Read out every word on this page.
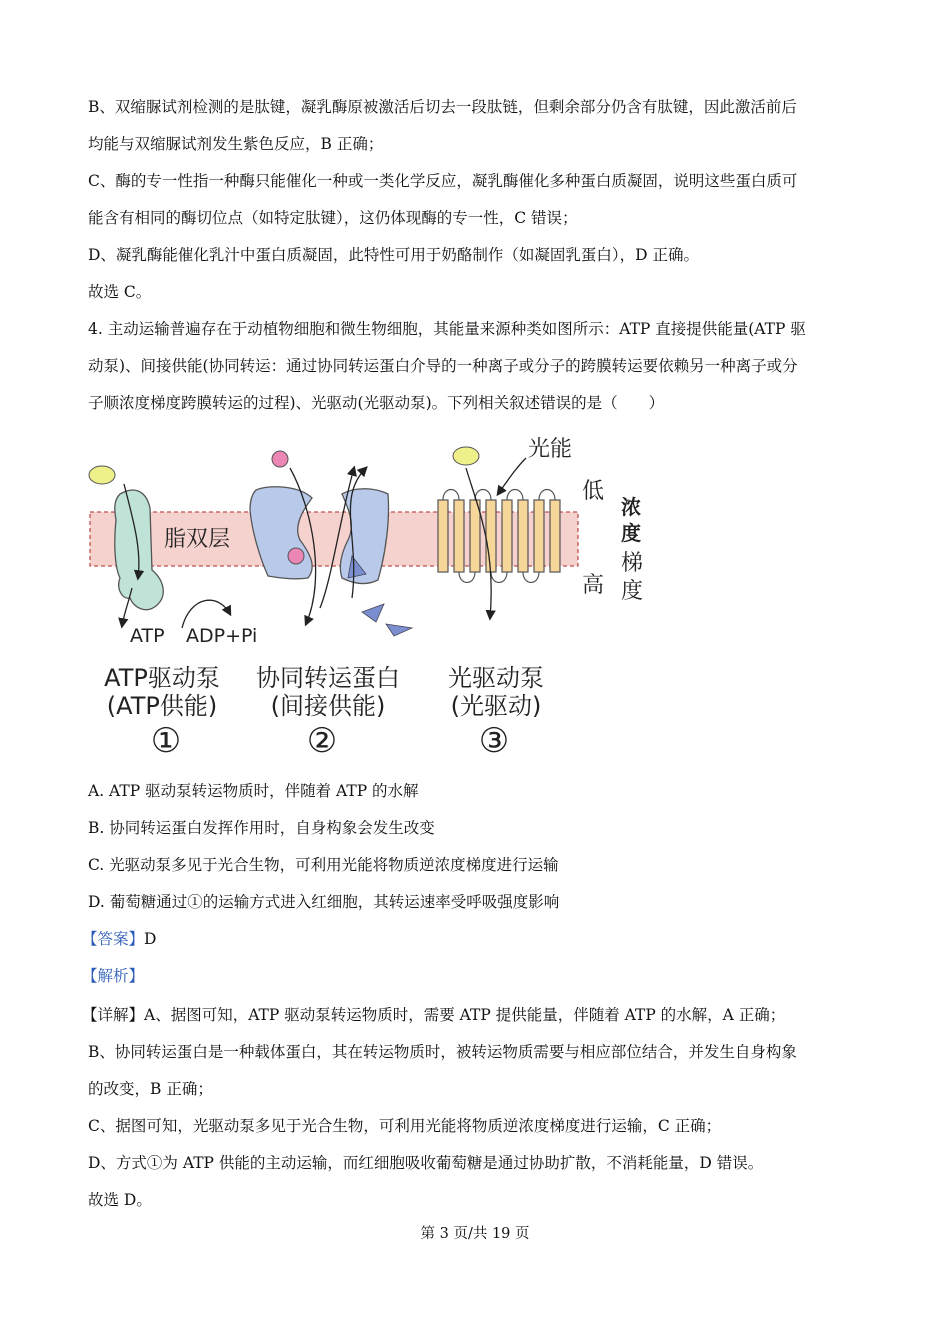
B、双缩脲试剂检测的是肽键，凝乳酶原被激活后切去一段肽链，但剩余部分仍含有肽键，因此激活前后
均能与双缩脲试剂发生紫色反应，B 正确；
C、酶的专一性指一种酶只能催化一种或一类化学反应，凝乳酶催化多种蛋白质凝固，说明这些蛋白质可
能含有相同的酶切位点（如特定肽键），这仍体现酶的专一性，C 错误；
D、凝乳酶能催化乳汁中蛋白质凝固，此特性可用于奶酪制作（如凝固乳蛋白），D 正确。
故选 C。
4. 主动运输普遍存在于动植物细胞和微生物细胞，其能量来源种类如图所示：ATP 直接提供能量(ATP 驱
动泵)、间接供能(协同转运：通过协同转运蛋白介导的一种离子或分子的跨膜转运要依赖另一种离子或分
子顺浓度梯度跨膜转运的过程)、光驱动(光驱动泵)。下列相关叙述错误的是（　　）
脂双层
ATP ADP+Pi
光能
低
高
浓
度
梯
度
ATP驱动泵
(ATP供能)
①
协同转运蛋白
(间接供能)
②
光驱动泵
(光驱动)
③
A. ATP 驱动泵转运物质时，伴随着 ATP 的水解
B. 协同转运蛋白发挥作用时，自身构象会发生改变
C. 光驱动泵多见于光合生物，可利用光能将物质逆浓度梯度进行运输
D. 葡萄糖通过①的运输方式进入红细胞，其转运速率受呼吸强度影响
【答案】D
【解析】
【详解】A、据图可知，ATP 驱动泵转运物质时，需要 ATP 提供能量，伴随着 ATP 的水解，A 正确；
B、协同转运蛋白是一种载体蛋白，其在转运物质时，被转运物质需要与相应部位结合，并发生自身构象
的改变，B 正确；
C、据图可知，光驱动泵多见于光合生物，可利用光能将物质逆浓度梯度进行运输，C 正确；
D、方式①为 ATP 供能的主动运输，而红细胞吸收葡萄糖是通过协助扩散，不消耗能量，D 错误。
故选 D。
第 3 页/共 19 页
